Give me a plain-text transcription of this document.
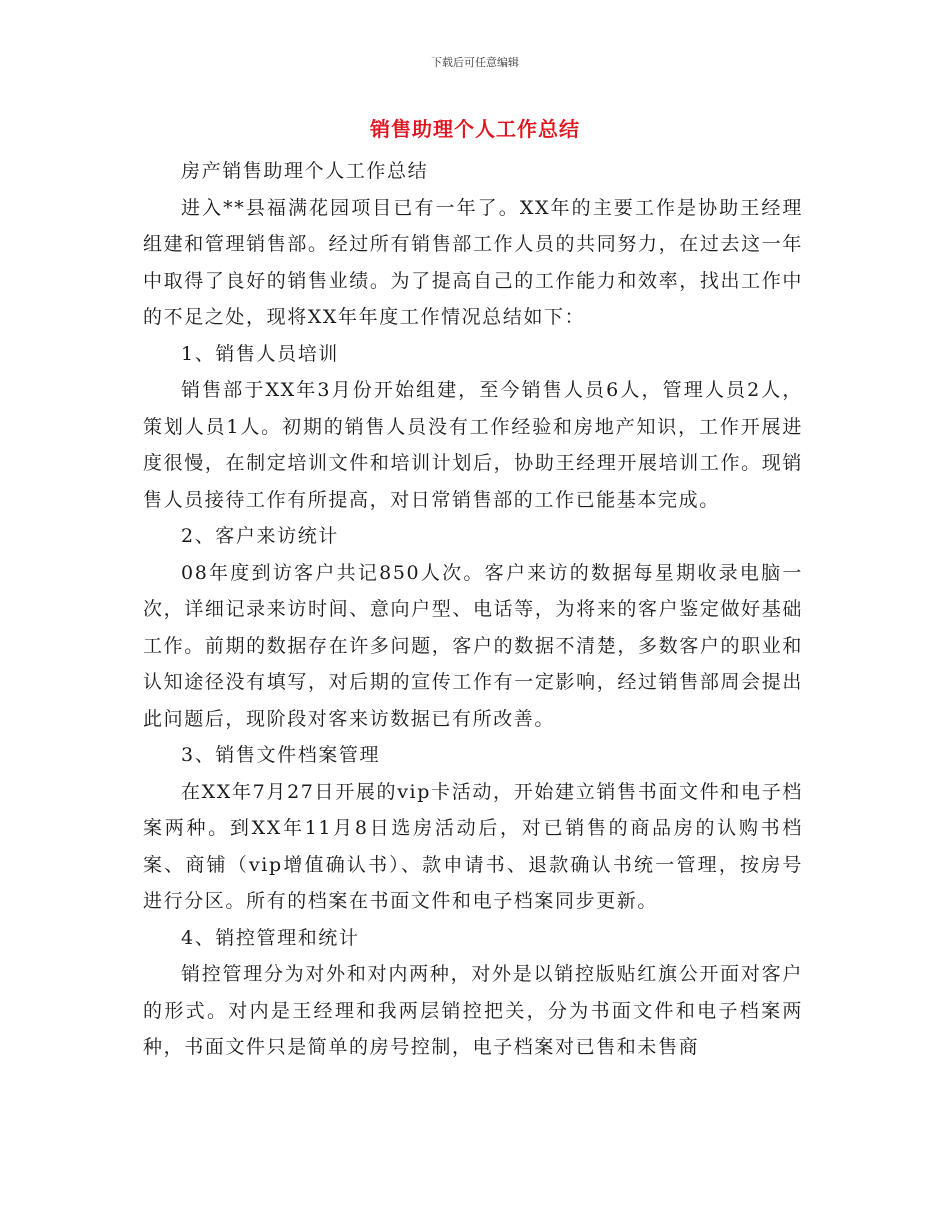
下载后可任意编辑
销售助理个人工作总结

房产销售助理个人工作总结

进入**县福满花园项目已有一年了。XX年的主要工作是协助王经理组建和管理销售部。经过所有销售部工作人员的共同努力，在过去这一年中取得了良好的销售业绩。为了提高自己的工作能力和效率，找出工作中的不足之处，现将XX年年度工作情况总结如下：

1、销售人员培训

销售部于XX年3月份开始组建，至今销售人员6人，管理人员2人，策划人员1人。初期的销售人员没有工作经验和房地产知识，工作开展进度很慢，在制定培训文件和培训计划后，协助王经理开展培训工作。现销售人员接待工作有所提高，对日常销售部的工作已能基本完成。

2、客户来访统计

08年度到访客户共记850人次。客户来访的数据每星期收录电脑一次，详细记录来访时间、意向户型、电话等，为将来的客户鉴定做好基础工作。前期的数据存在许多问题，客户的数据不清楚，多数客户的职业和认知途径没有填写，对后期的宣传工作有一定影响，经过销售部周会提出此问题后，现阶段对客来访数据已有所改善。

3、销售文件档案管理

在XX年7月27日开展的vip卡活动，开始建立销售书面文件和电子档案两种。到XX年11月8日选房活动后，对已销售的商品房的认购书档案、商铺（vip增值确认书）、款申请书、退款确认书统一管理，按房号进行分区。所有的档案在书面文件和电子档案同步更新。

4、销控管理和统计

销控管理分为对外和对内两种，对外是以销控版贴红旗公开面对客户的形式。对内是王经理和我两层销控把关，分为书面文件和电子档案两种，书面文件只是简单的房号控制，电子档案对已售和未售商
